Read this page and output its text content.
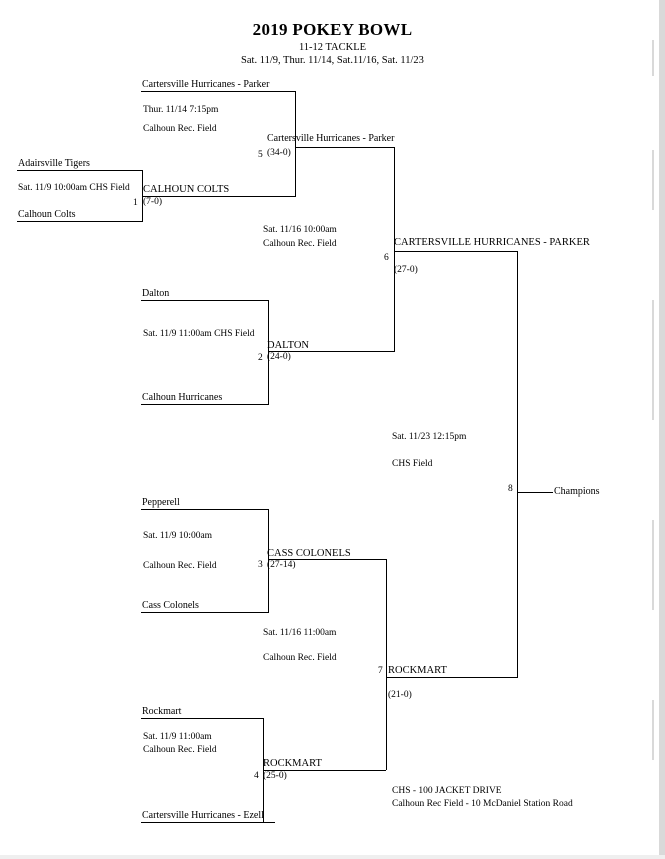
2019 POKEY BOWL
11-12 TACKLE
Sat. 11/9, Thur. 11/14, Sat.11/16, Sat. 11/23
Cartersville Hurricanes - Parker
Thur. 11/14 7:15pm
Calhoun Rec. Field
Adairsville Tigers
Sat. 11/9 10:00am CHS Field
Calhoun Colts
1
CALHOUN COLTS
(7-0)
5
Cartersville Hurricanes - Parker
(34-0)
Dalton
Sat. 11/9 11:00am CHS Field
Calhoun Hurricanes
2
DALTON
(24-0)
Sat. 11/16 10:00am
Calhoun Rec. Field
6
CARTERSVILLE HURRICANES - PARKER
(27-0)
Pepperell
Sat. 11/9 10:00am
Calhoun Rec. Field
Cass Colonels
3
CASS COLONELS
(27-14)
Rockmart
Sat. 11/9 11:00am
Calhoun Rec. Field
Cartersville Hurricanes - Ezell
4
ROCKMART
(25-0)
Sat. 11/16 11:00am
Calhoun Rec. Field
7 ROCKMART
(21-0)
Sat. 11/23 12:15pm
CHS Field
8	Champions
CHS - 100 JACKET DRIVE
Calhoun Rec Field - 10 McDaniel Station Road
